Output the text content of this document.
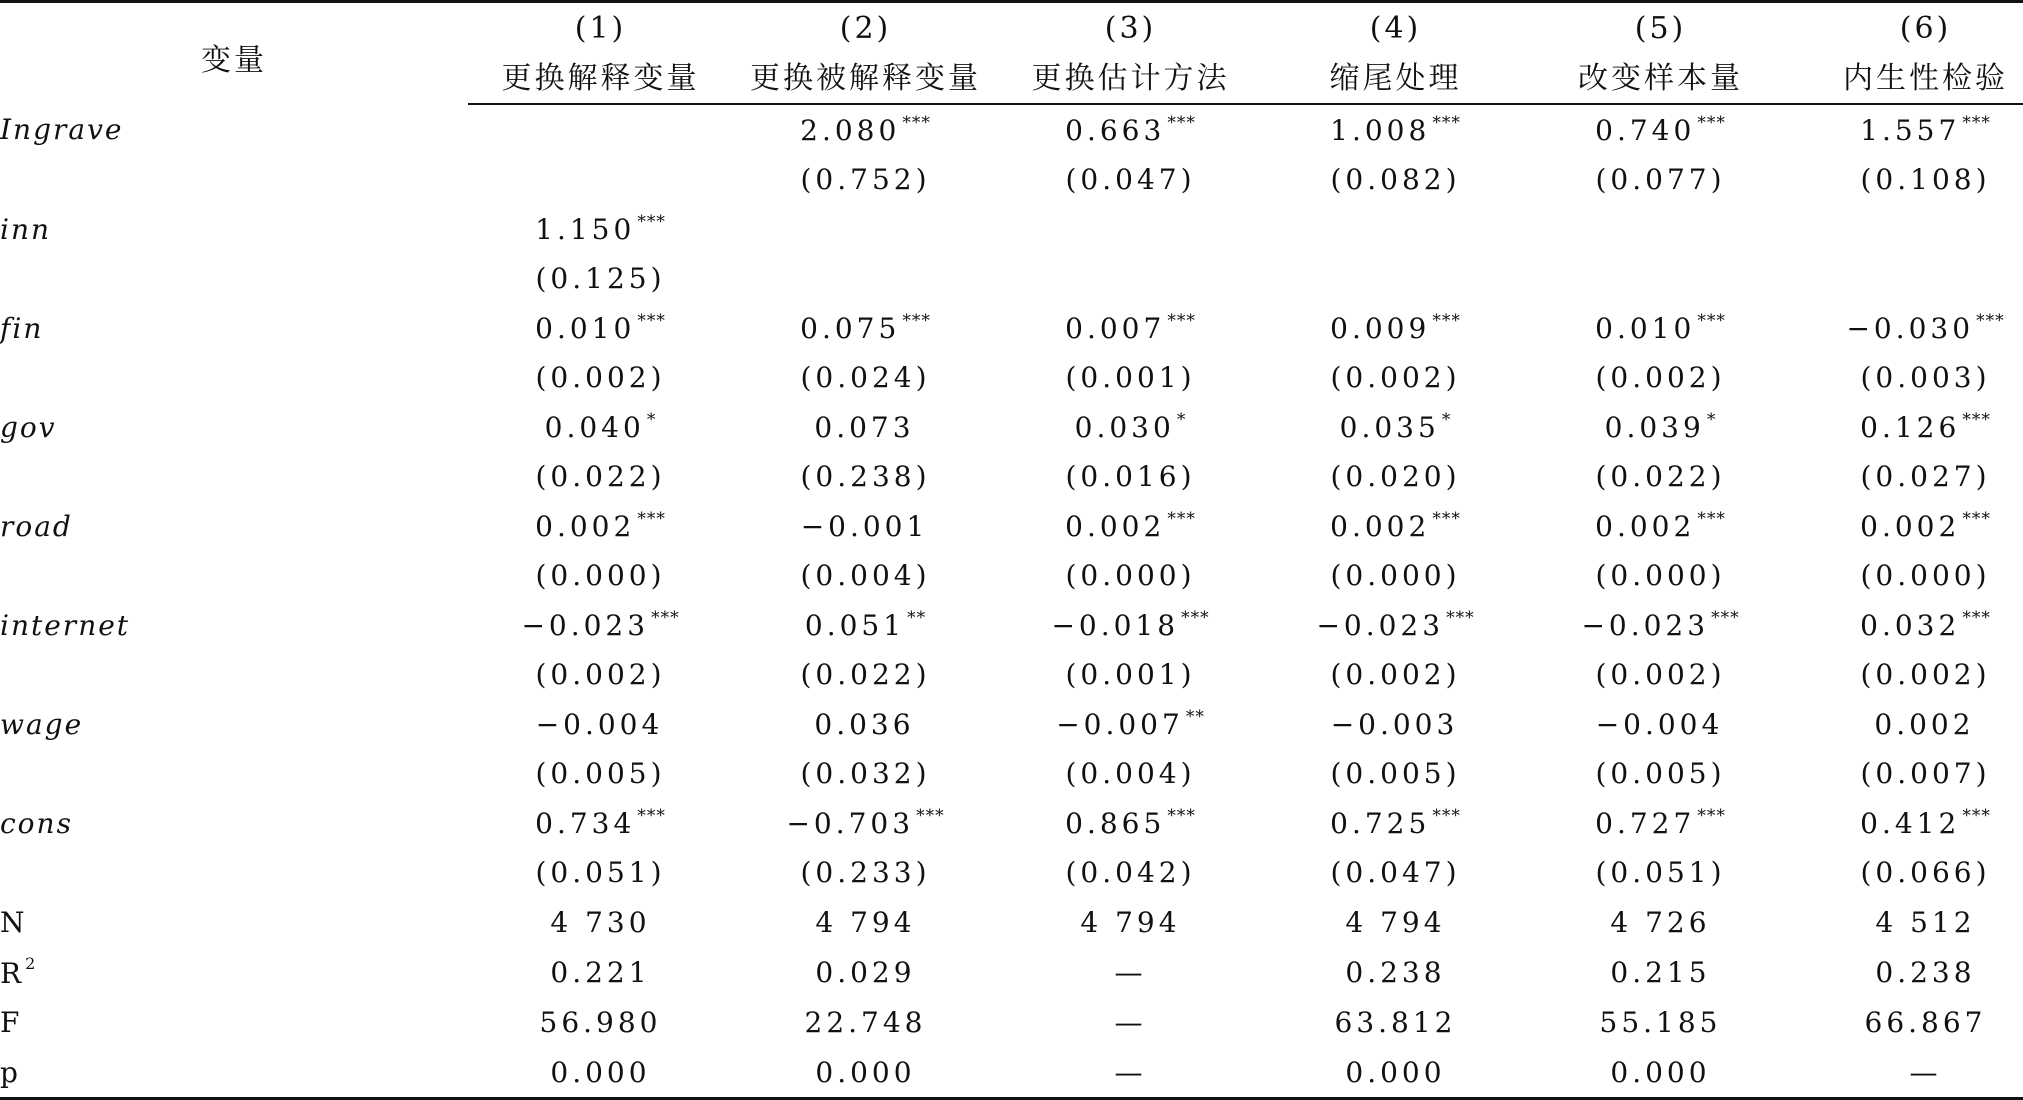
变量	(1)	(2)	(3)	(4)	(5)	(6)
	更换解释变量	更换被解释变量	更换估计方法	缩尾处理	改变样本量	内生性检验
Ingrave		2.080 ***	0.663 ***	1.008 ***	0.740 ***	1.557 ***
		(0.752)	(0.047)	(0.082)	(0.077)	(0.108)
inn	1.150 ***					
	(0.125)					
fin	0.010 ***	0.075 ***	0.007 ***	0.009 ***	0.010 ***	−0.030 ***
	(0.002)	(0.024)	(0.001)	(0.002)	(0.002)	(0.003)
gov	0.040 *	0.073	0.030 *	0.035 *	0.039 *	0.126 ***
	(0.022)	(0.238)	(0.016)	(0.020)	(0.022)	(0.027)
road	0.002 ***	−0.001	0.002 ***	0.002 ***	0.002 ***	0.002 ***
	(0.000)	(0.004)	(0.000)	(0.000)	(0.000)	(0.000)
internet	−0.023 ***	0.051 **	−0.018 ***	−0.023 ***	−0.023 ***	0.032 ***
	(0.002)	(0.022)	(0.001)	(0.002)	(0.002)	(0.002)
wage	−0.004	0.036	−0.007 **	−0.003	−0.004	0.002
	(0.005)	(0.032)	(0.004)	(0.005)	(0.005)	(0.007)
cons	0.734 ***	−0.703 ***	0.865 ***	0.725 ***	0.727 ***	0.412 ***
	(0.051)	(0.233)	(0.042)	(0.047)	(0.051)	(0.066)
N	4 730	4 794	4 794	4 794	4 726	4 512
$R^2$	0.221	0.029	—	0.238	0.215	0.238
F	56.980	22.748	—	63.812	55.185	66.867
p	0.000	0.000	—	0.000	0.000	—
